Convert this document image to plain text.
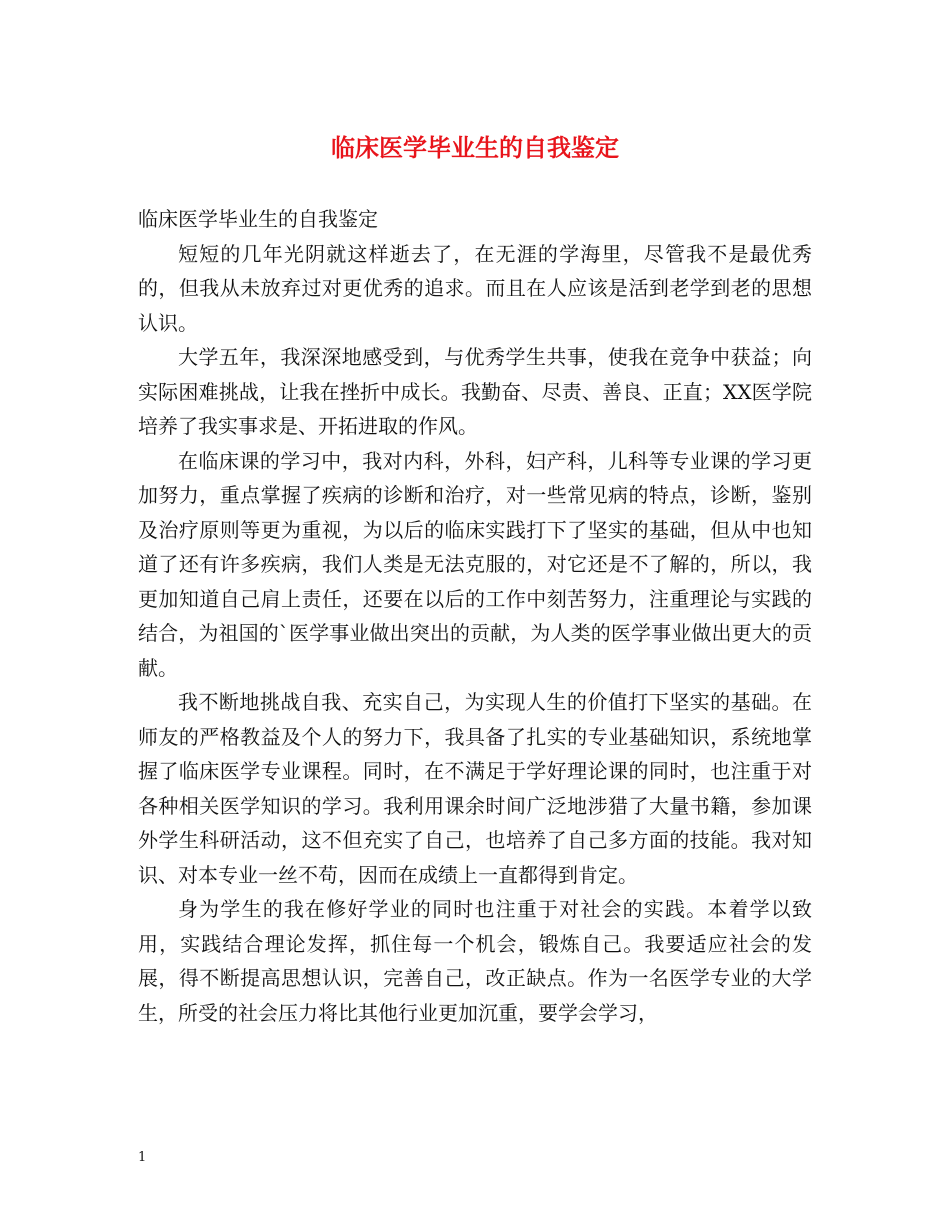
临床医学毕业生的自我鉴定

临床医学毕业生的自我鉴定

短短的几年光阴就这样逝去了，在无涯的学海里，尽管我不是最优秀的，但我从未放弃过对更优秀的追求。而且在人应该是活到老学到老的思想认识。

大学五年，我深深地感受到，与优秀学生共事，使我在竞争中获益；向实际困难挑战，让我在挫折中成长。我勤奋、尽责、善良、正直；XX医学院培养了我实事求是、开拓进取的作风。

在临床课的学习中，我对内科，外科，妇产科，儿科等专业课的学习更加努力，重点掌握了疾病的诊断和治疗，对一些常见病的特点，诊断，鉴别及治疗原则等更为重视，为以后的临床实践打下了坚实的基础，但从中也知道了还有许多疾病，我们人类是无法克服的，对它还是不了解的，所以，我更加知道自己肩上责任，还要在以后的工作中刻苦努力，注重理论与实践的结合，为祖国的`医学事业做出突出的贡献，为人类的医学事业做出更大的贡献。

我不断地挑战自我、充实自己，为实现人生的价值打下坚实的基础。在师友的严格教益及个人的努力下，我具备了扎实的专业基础知识，系统地掌握了临床医学专业课程。同时，在不满足于学好理论课的同时，也注重于对各种相关医学知识的学习。我利用课余时间广泛地涉猎了大量书籍，参加课外学生科研活动，这不但充实了自己，也培养了自己多方面的技能。我对知识、对本专业一丝不苟，因而在成绩上一直都得到肯定。

身为学生的我在修好学业的同时也注重于对社会的实践。本着学以致用，实践结合理论发挥，抓住每一个机会，锻炼自己。我要适应社会的发展，得不断提高思想认识，完善自己，改正缺点。作为一名医学专业的大学生，所受的社会压力将比其他行业更加沉重，要学会学习，

1
